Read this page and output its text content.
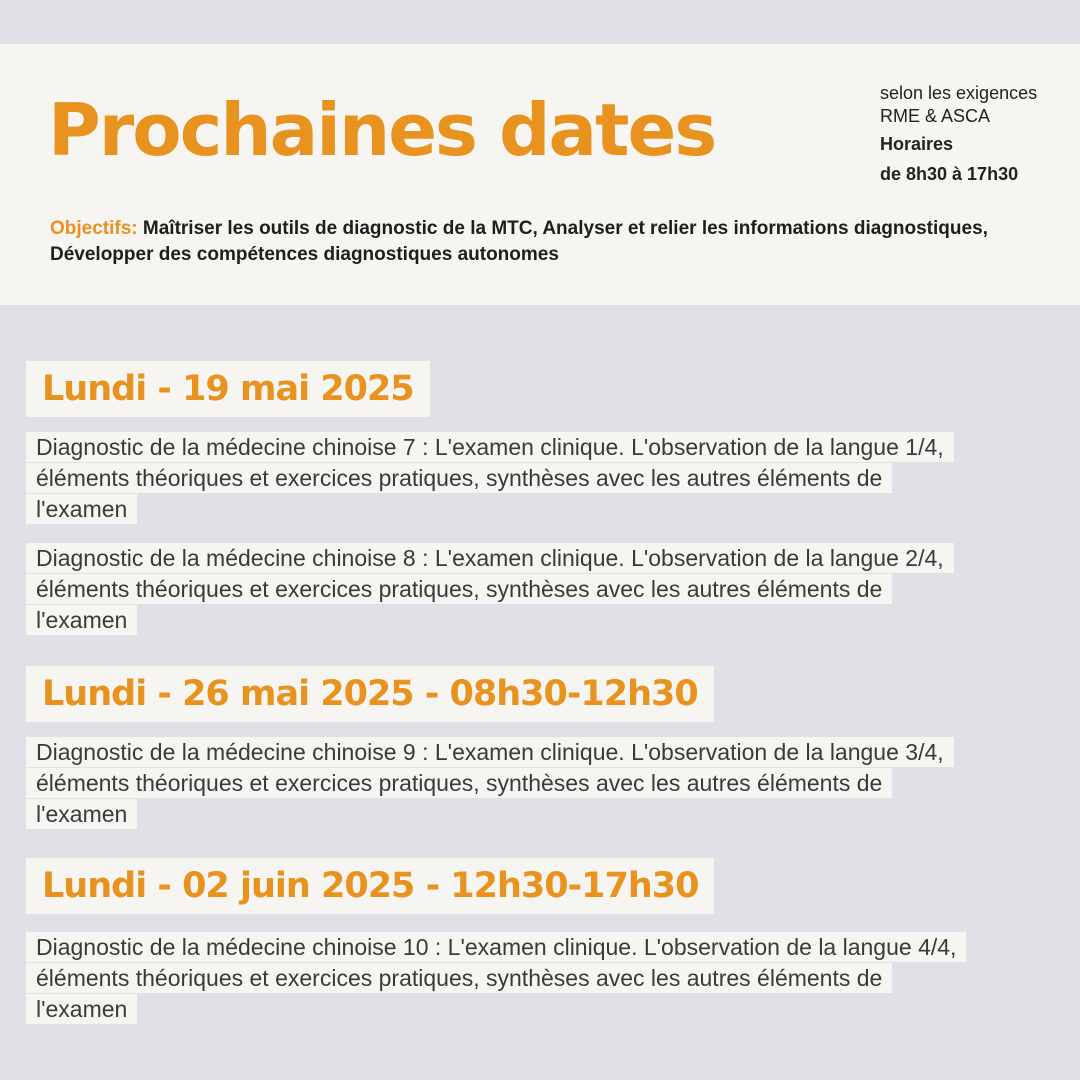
Prochaines dates	selon les exigences
RME & ASCA
Horaires
de 8h30 à 17h30
Objectifs: Maîtriser les outils de diagnostic de la MTC, Analyser et relier les informations diagnostiques, Développer des compétences diagnostiques autonomes
Lundi - 19 mai 2025
Diagnostic de la médecine chinoise 7 : L'examen clinique. L'observation de la langue 1/4, éléments théoriques et exercices pratiques, synthèses avec les autres éléments de l'examen
Diagnostic de la médecine chinoise 8 : L'examen clinique. L'observation de la langue 2/4, éléments théoriques et exercices pratiques, synthèses avec les autres éléments de l'examen
Lundi - 26 mai 2025 - 08h30-12h30
Diagnostic de la médecine chinoise 9 : L'examen clinique. L'observation de la langue 3/4, éléments théoriques et exercices pratiques, synthèses avec les autres éléments de l'examen
Lundi - 02 juin 2025 - 12h30-17h30
Diagnostic de la médecine chinoise 10 : L'examen clinique. L'observation de la langue 4/4, éléments théoriques et exercices pratiques, synthèses avec les autres éléments de l'examen
